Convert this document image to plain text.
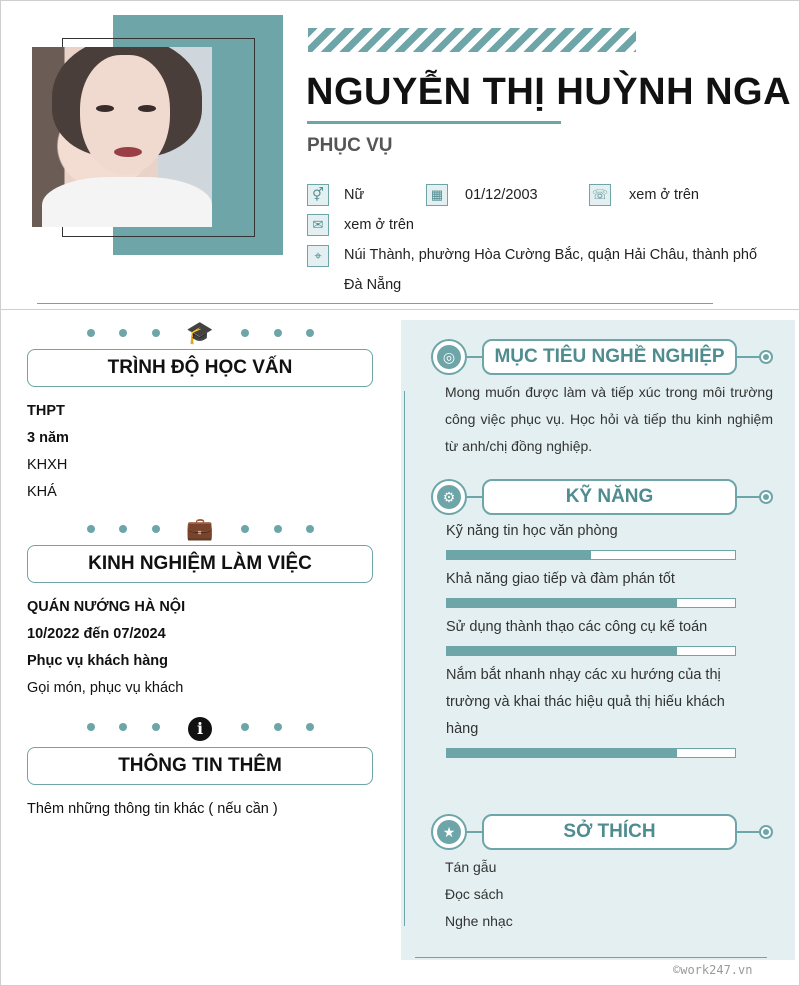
NGUYỄN THỊ HUỲNH NGA
PHỤC VỤ
⚥	Nữ	▦	01/12/2003	☏ xem ở trên
✉	xem ở trên
⌖	Núi Thành, phường Hòa Cường Bắc, quận Hải Châu, thành phố
Đà Nẵng
🎓
TRÌNH ĐỘ HỌC VẤN
THPT
3 năm
KHXH
KHÁ
💼
KINH NGHIỆM LÀM VIỆC
QUÁN NƯỚNG HÀ NỘI
10/2022 đến 07/2024
Phục vụ khách hàng
Gọi món, phục vụ khách
i
THÔNG TIN THÊM
Thêm những thông tin khác ( nếu cần )
◎	MỤC TIÊU NGHỀ NGHIỆP
Mong muốn được làm và tiếp xúc trong môi trường công việc phục vụ. Học hỏi và tiếp thu kinh nghiệm từ anh/chị đồng nghiệp.
⚙	KỸ NĂNG
Kỹ năng tin học văn phòng
Khả năng giao tiếp và đàm phán tốt
Sử dụng thành thạo các công cụ kế toán
Nắm bắt nhanh nhạy các xu hướng của thị trường và khai thác hiệu quả thị hiếu khách hàng
★	SỞ THÍCH
Tán gẫu
Đọc sách
Nghe nhạc
©work247.vn
